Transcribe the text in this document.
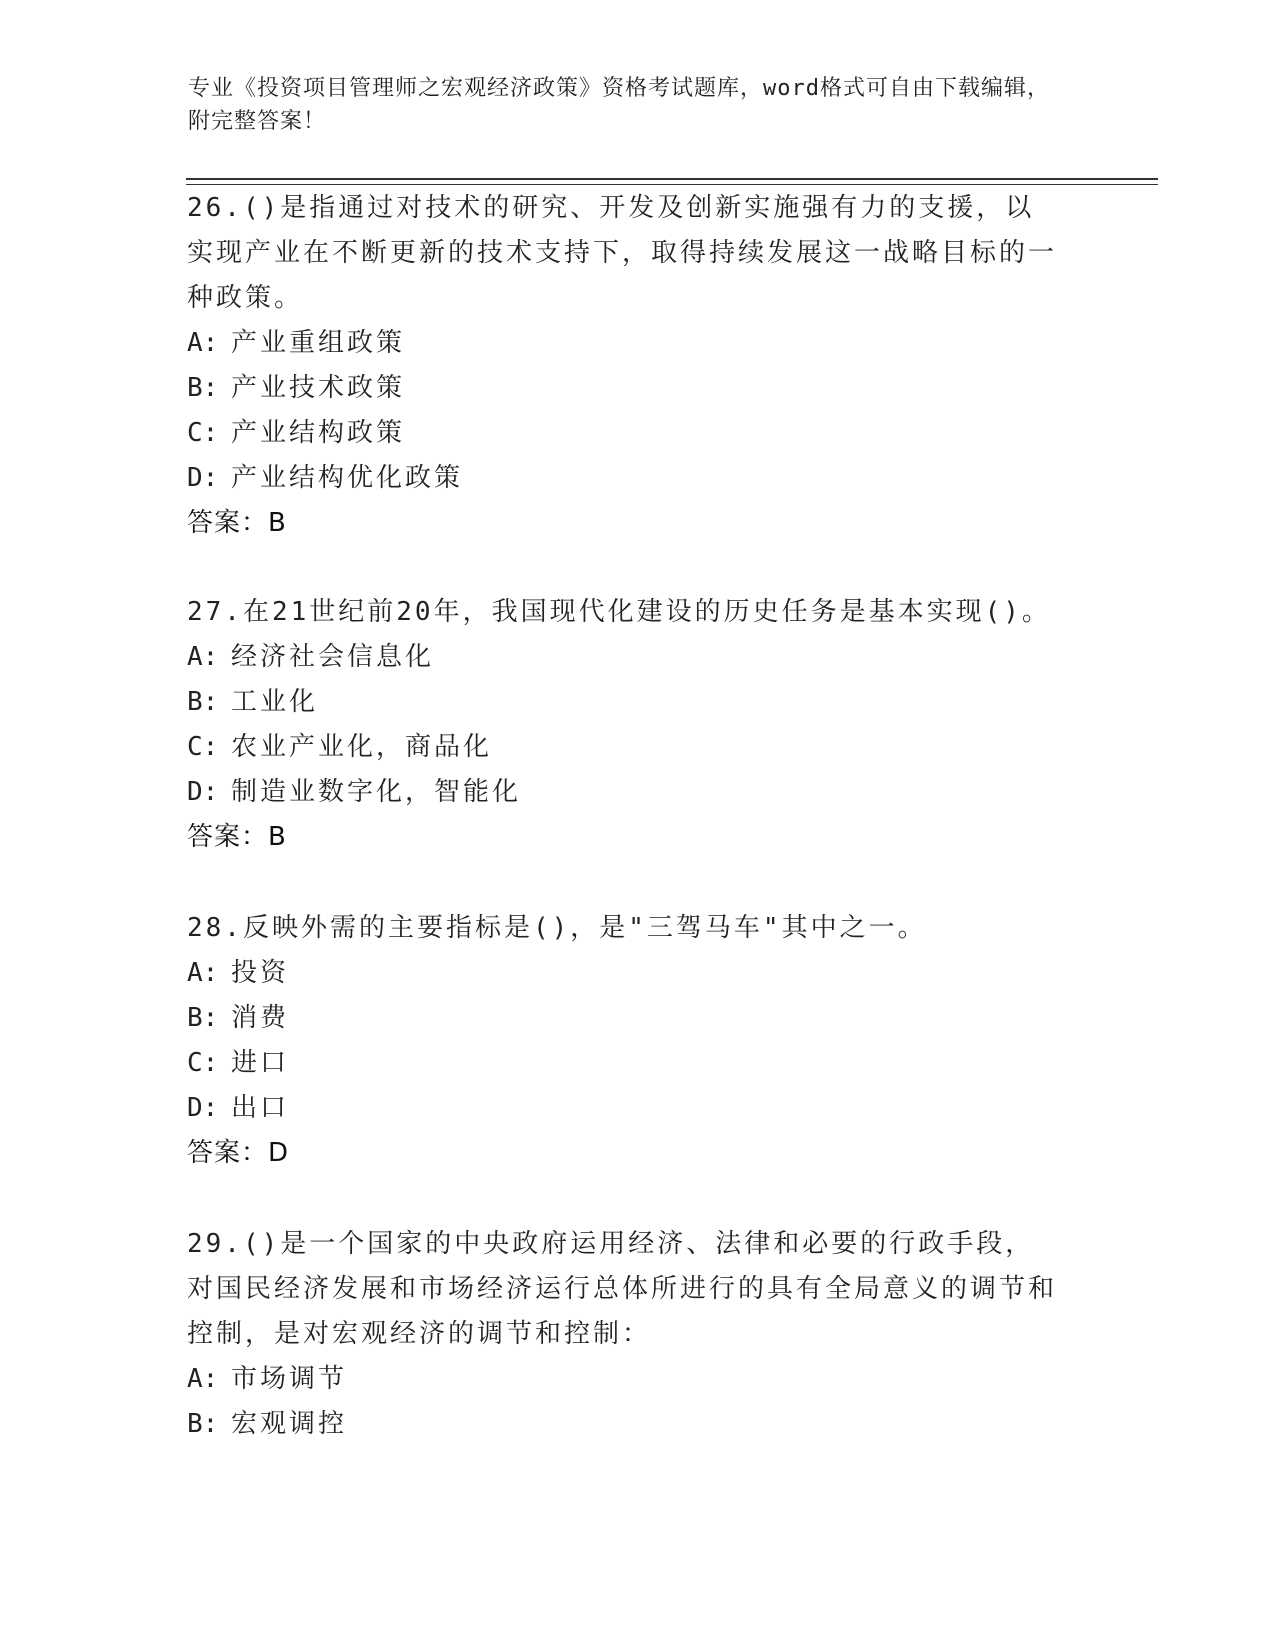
专业《投资项目管理师之宏观经济政策》资格考试题库，word格式可自由下载编辑，附完整答案！

26.()是指通过对技术的研究、开发及创新实施强有力的支援，以实现产业在不断更新的技术支持下，取得持续发展这一战略目标的一种政策。

A: 产业重组政策

B: 产业技术政策

C: 产业结构政策

D: 产业结构优化政策

答案：B

27.在21世纪前20年，我国现代化建设的历史任务是基本实现()。

A: 经济社会信息化

B: 工业化

C: 农业产业化，商品化

D: 制造业数字化，智能化

答案：B

28.反映外需的主要指标是()，是"三驾马车"其中之一。

A: 投资

B: 消费

C: 进口

D: 出口

答案：D

29.()是一个国家的中央政府运用经济、法律和必要的行政手段，对国民经济发展和市场经济运行总体所进行的具有全局意义的调节和控制，是对宏观经济的调节和控制：

A: 市场调节

B: 宏观调控
